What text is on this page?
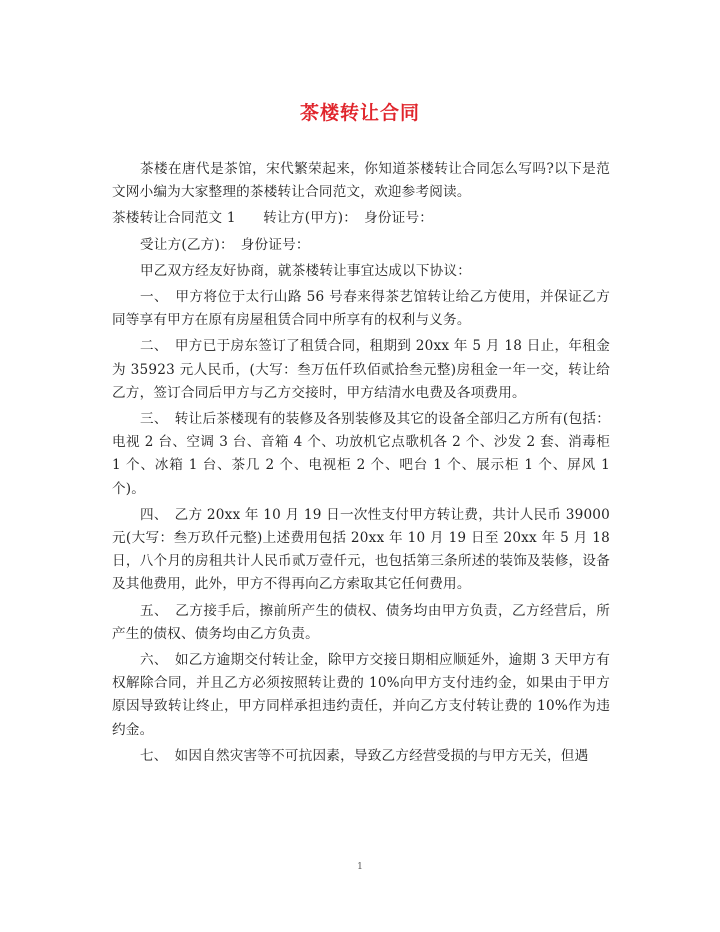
茶楼转让合同

茶楼在唐代是茶馆，宋代繁荣起来，你知道茶楼转让合同怎么写吗?以下是范文网小编为大家整理的茶楼转让合同范文，欢迎参考阅读。

茶楼转让合同范文 1　　转让方(甲方)：　身份证号：

受让方(乙方)：　身份证号：

甲乙双方经友好协商，就茶楼转让事宜达成以下协议：

一、　甲方将位于太行山路 56 号春来得茶艺馆转让给乙方使用，并保证乙方同等享有甲方在原有房屋租赁合同中所享有的权利与义务。

二、　甲方已于房东签订了租赁合同，租期到 20xx 年 5 月 18 日止，年租金为 35923 元人民币，(大写：叁万伍仟玖佰贰拾叁元整)房租金一年一交，转让给乙方，签订合同后甲方与乙方交接时，甲方结清水电费及各项费用。

三、　转让后茶楼现有的装修及各别装修及其它的设备全部归乙方所有(包括：电视 2 台、空调 3 台、音箱 4 个、功放机它点歌机各 2 个、沙发 2 套、消毒柜 1 个、冰箱 1 台、茶几 2 个、电视柜 2 个、吧台 1 个、展示柜 1 个、屏风 1 个)。

四、　乙方 20xx 年 10 月 19 日一次性支付甲方转让费，共计人民币 39000 元(大写：叁万玖仟元整)上述费用包括 20xx 年 10 月 19 日至 20xx 年 5 月 18 日，八个月的房租共计人民币贰万壹仟元，也包括第三条所述的装饰及装修，设备及其他费用，此外，甲方不得再向乙方索取其它任何费用。

五、　乙方接手后，擦前所产生的债权、债务均由甲方负责，乙方经营后，所产生的债权、债务均由乙方负责。

六、　如乙方逾期交付转让金，除甲方交接日期相应顺延外，逾期 3 天甲方有权解除合同，并且乙方必须按照转让费的 10%向甲方支付违约金，如果由于甲方原因导致转让终止，甲方同样承担违约责任，并向乙方支付转让费的 10%作为违约金。

七、　如因自然灾害等不可抗因素，导致乙方经营受损的与甲方无关，但遇

1
